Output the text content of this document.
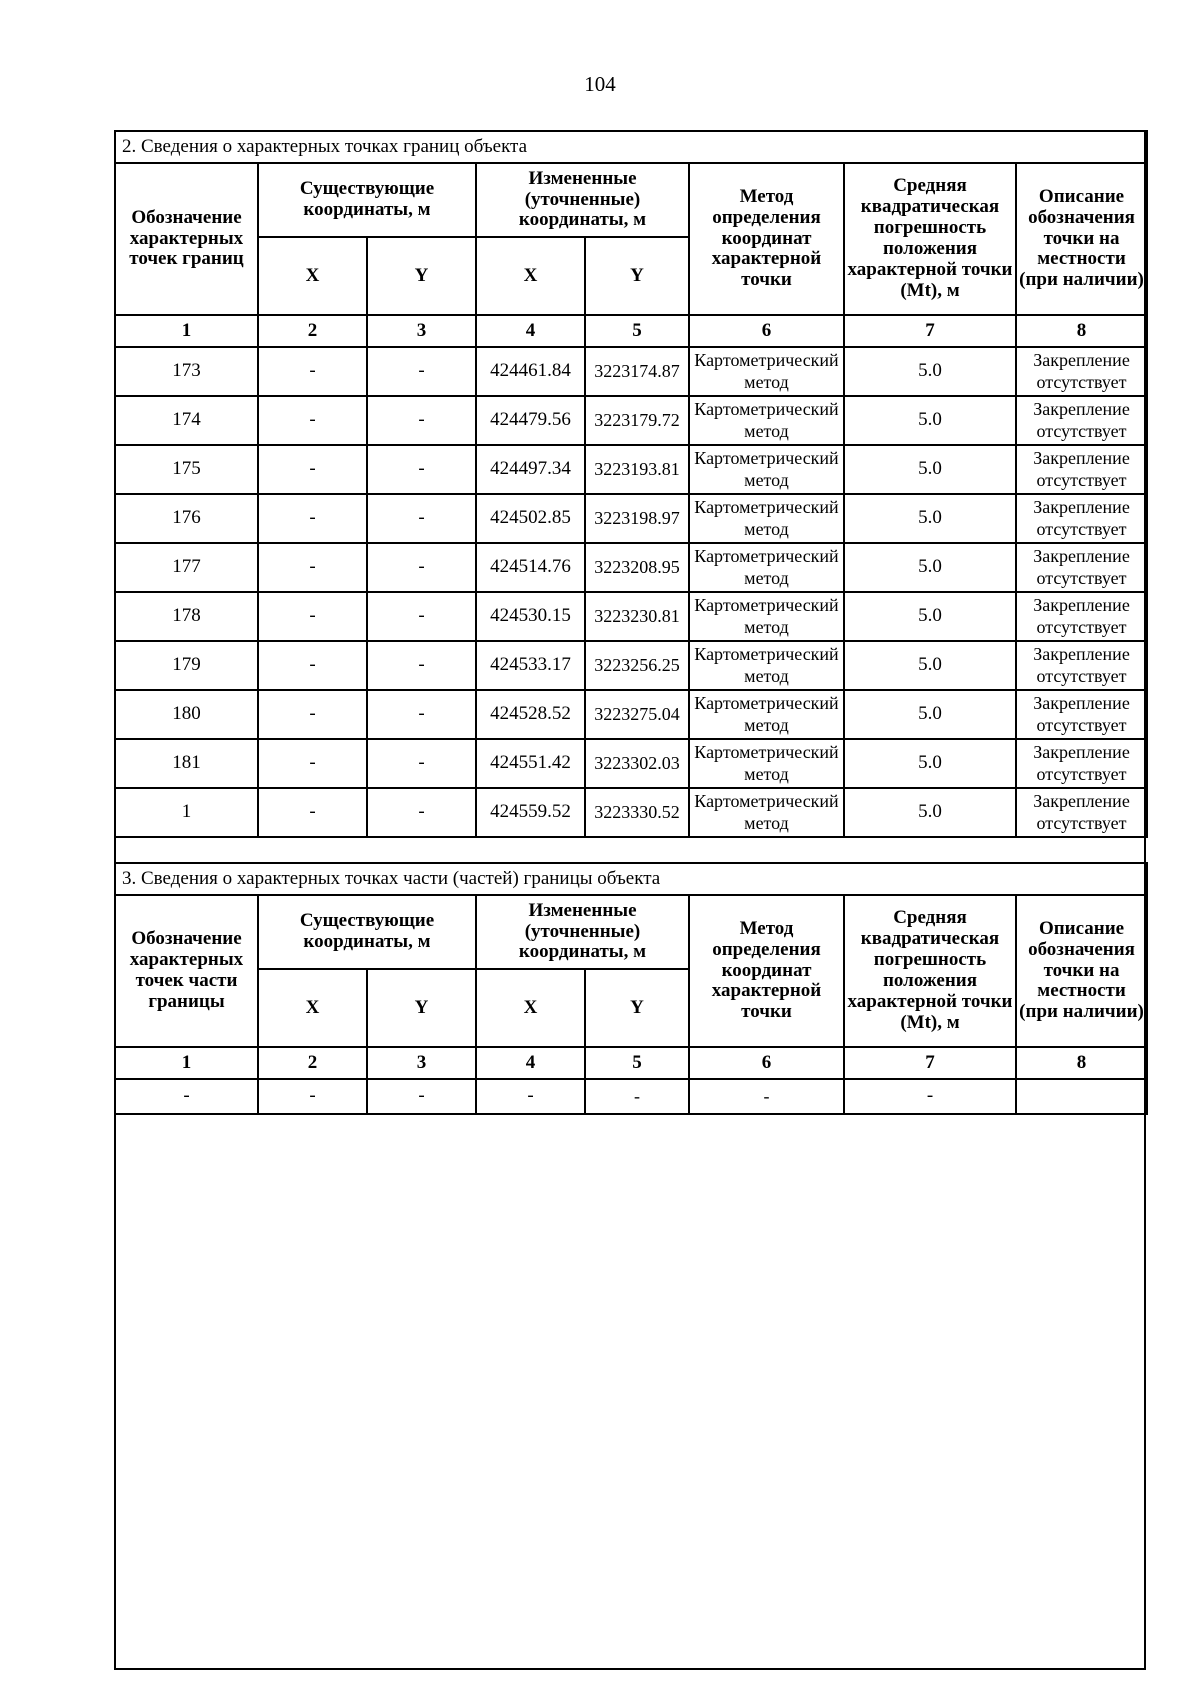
104
2. Сведения о характерных точках границ объекта							
Обозначение характерных точек границ	Существующие координаты, м		Измененные (уточненные) координаты, м		Метод определения координат характерной точки	Средняя квадратическая погрешность положения характерной точки (Mt), м	Описание обозначения точки на местности (при наличии)
	X	Y	X	Y			
1	2	3	4	5	6	7	8
173	-	-	424461.84	3223174.87	Картометрический метод	5.0	Закрепление отсутствует
174	-	-	424479.56	3223179.72	Картометрический метод	5.0	Закрепление отсутствует
175	-	-	424497.34	3223193.81	Картометрический метод	5.0	Закрепление отсутствует
176	-	-	424502.85	3223198.97	Картометрический метод	5.0	Закрепление отсутствует
177	-	-	424514.76	3223208.95	Картометрический метод	5.0	Закрепление отсутствует
178	-	-	424530.15	3223230.81	Картометрический метод	5.0	Закрепление отсутствует
179	-	-	424533.17	3223256.25	Картометрический метод	5.0	Закрепление отсутствует
180	-	-	424528.52	3223275.04	Картометрический метод	5.0	Закрепление отсутствует
181	-	-	424551.42	3223302.03	Картометрический метод	5.0	Закрепление отсутствует
1	-	-	424559.52	3223330.52	Картометрический метод	5.0	Закрепление отсутствует
3. Сведения о характерных точках части (частей) границы объекта							
Обозначение характерных точек части границы	Существующие координаты, м		Измененные (уточненные) координаты, м		Метод определения координат характерной точки	Средняя квадратическая погрешность положения характерной точки (Mt), м	Описание обозначения точки на местности (при наличии)
	X	Y	X	Y			
1	2	3	4	5	6	7	8
-	-	-	-	-	-	-	
